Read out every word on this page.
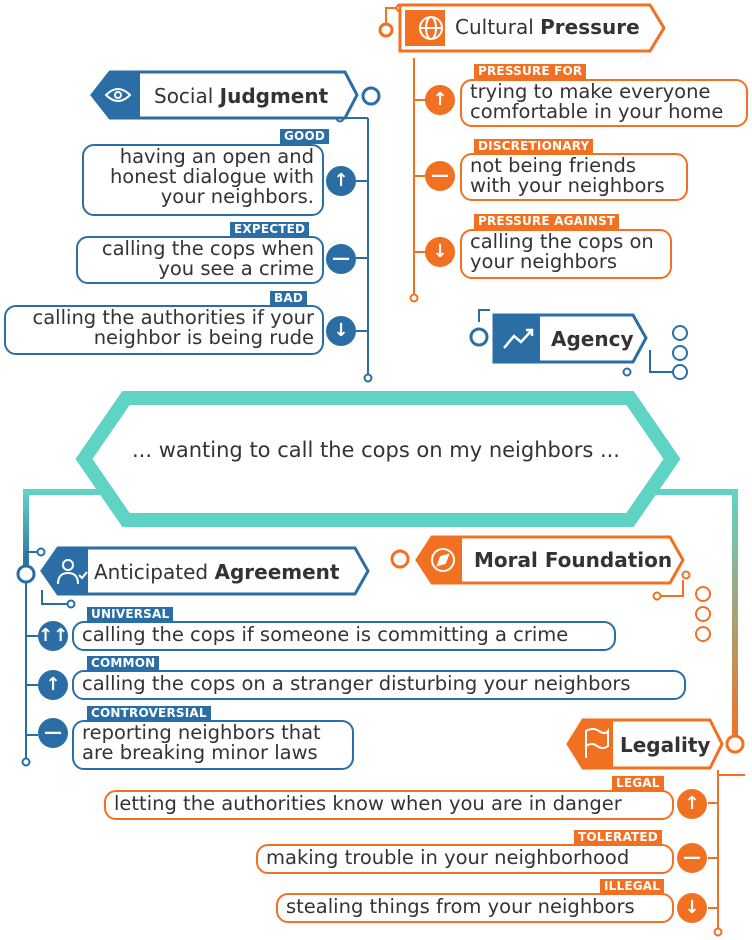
Cultural Pressure
PRESSURE FOR
↑	trying to make everyone comfortable in your home
DISCRETIONARY
—	not being friends with your neighbors
PRESSURE AGAINST
↓	calling the cops on your neighbors
Social Judgment
GOOD
having an open and honest dialogue with your neighbors.
↑
EXPECTED
calling the cops when you see a crime	—
BAD
calling the authorities if your neighbor is being rude	↓	Agency
... wanting to call the cops on my neighbors ...
Anticipated Agreement
UNIVERSAL
↑↑ calling the cops if someone is committing a crime
COMMON
↑	calling the cops on a stranger disturbing your neighbors
CONTROVERSIAL
—	reporting neighbors that are breaking minor laws
Moral Foundation
Legality
LEGAL
letting the authorities know when you are in danger	↑
TOLERATED
making trouble in your neighborhood	—
ILLEGAL
stealing things from your neighbors	↓
